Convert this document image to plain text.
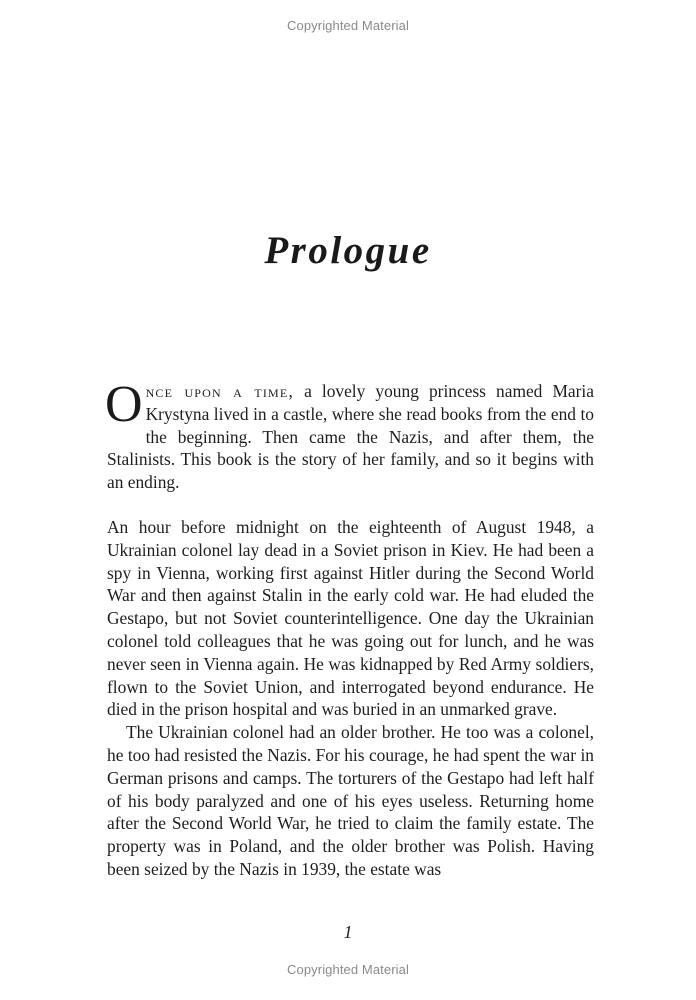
Copyrighted Material
Prologue

Once upon a time, a lovely young princess named Maria Krystyna lived in a castle, where she read books from the end to the beginning. Then came the Nazis, and after them, the Stalinists. This book is the story of her family, and so it begins with an ending.

An hour before midnight on the eighteenth of August 1948, a Ukrainian colonel lay dead in a Soviet prison in Kiev. He had been a spy in Vienna, working first against Hitler during the Second World War and then against Stalin in the early cold war. He had eluded the Gestapo, but not Soviet counterintelligence. One day the Ukrainian colonel told colleagues that he was going out for lunch, and he was never seen in Vienna again. He was kidnapped by Red Army soldiers, flown to the Soviet Union, and interrogated beyond endurance. He died in the prison hospital and was buried in an unmarked grave.

The Ukrainian colonel had an older brother. He too was a colonel, he too had resisted the Nazis. For his courage, he had spent the war in German prisons and camps. The torturers of the Gestapo had left half of his body paralyzed and one of his eyes useless. Returning home after the Second World War, he tried to claim the family estate. The property was in Poland, and the older brother was Polish. Having been seized by the Nazis in 1939, the estate was

1
Copyrighted Material
